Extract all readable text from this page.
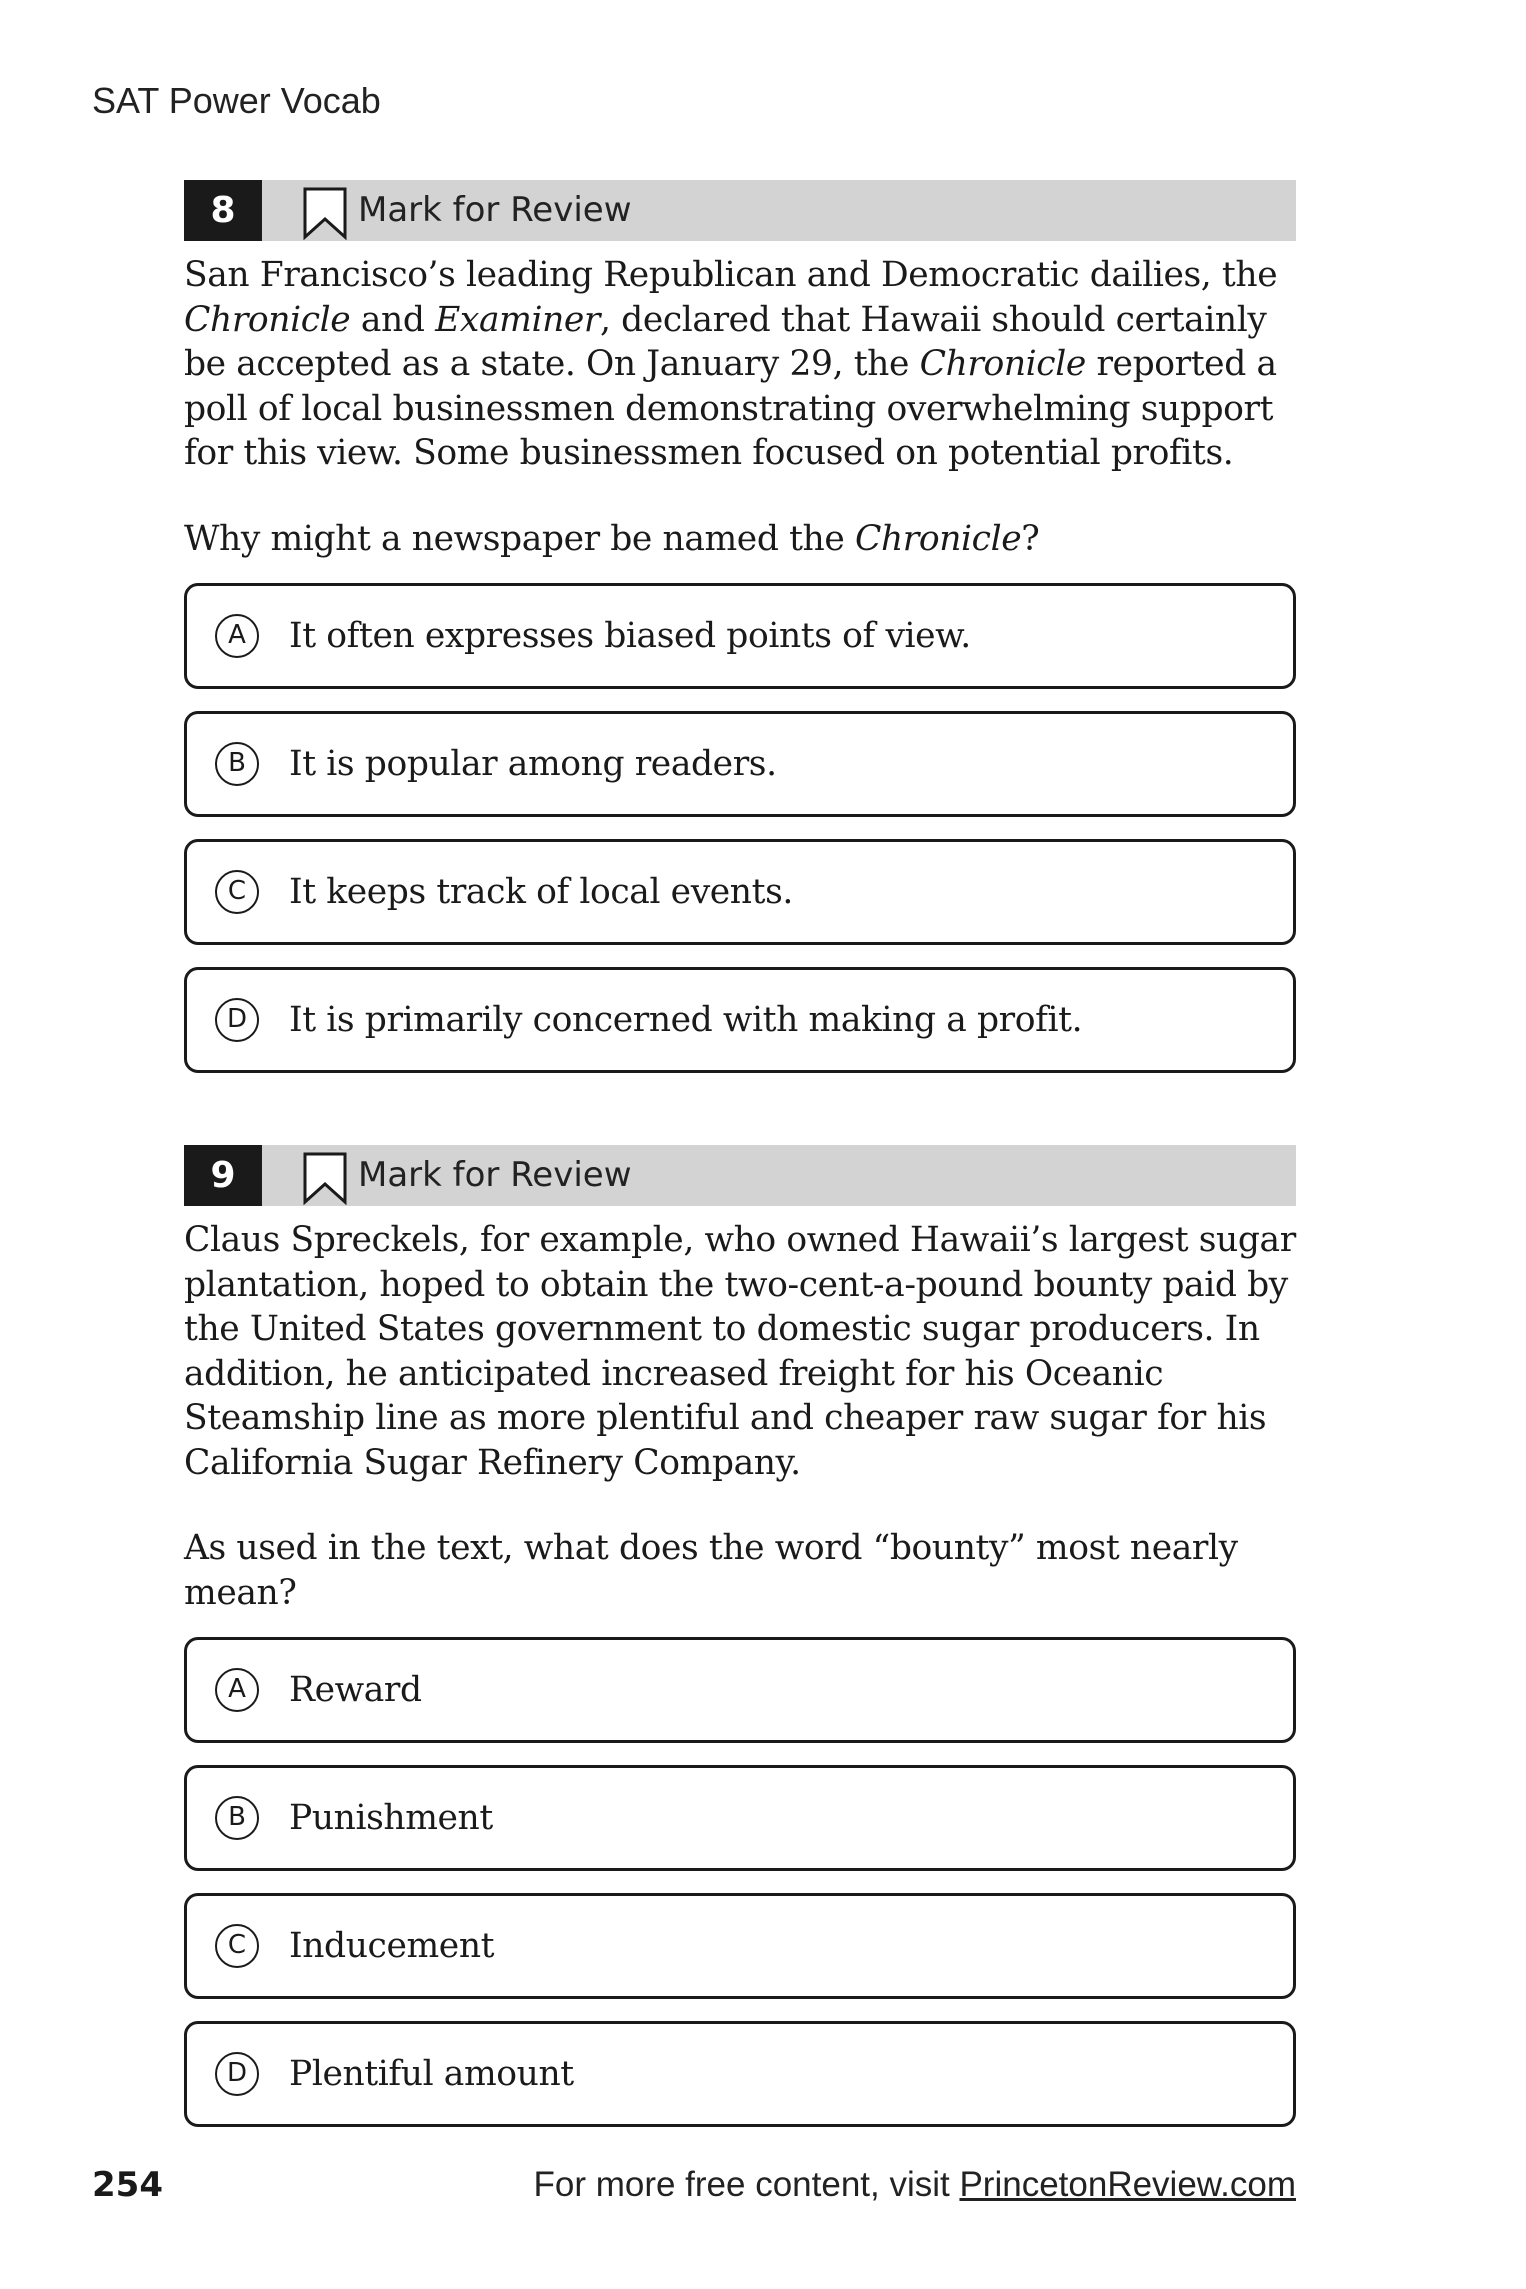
SAT Power Vocab
8	Mark for Review

San Francisco’s leading Republican and Democratic dailies, the
Chronicle and Examiner, declared that Hawaii should certainly be accepted as a state. On January 29, the Chronicle reported a poll of local businessmen demonstrating overwhelming support for this view. Some businessmen focused on potential profits.

Why might a newspaper be named the Chronicle?

A	It often expresses biased points of view.
B	It is popular among readers.
C	It keeps track of local events.
D	It is primarily concerned with making a profit.
9	Mark for Review

Claus Spreckels, for example, who owned Hawaii’s largest sugar plantation, hoped to obtain the two-cent-a-pound bounty paid by the United States government to domestic sugar producers. In addition, he anticipated increased freight for his Oceanic Steamship line as more plentiful and cheaper raw sugar for his California Sugar Refinery Company.

As used in the text, what does the word “bounty” most nearly mean?

A	Reward
B	Punishment
C	Inducement
D	Plentiful amount
254	For more free content, visit PrincetonReview.com
